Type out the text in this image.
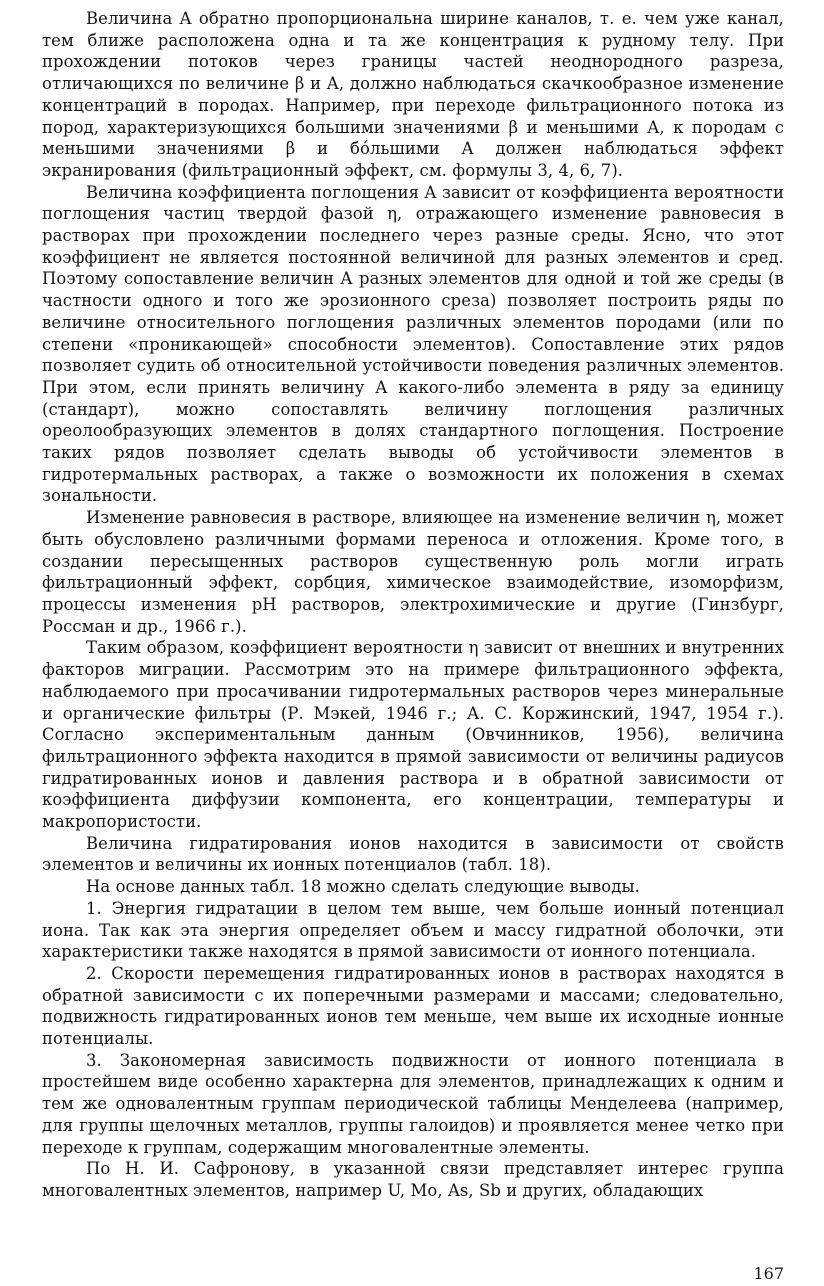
Величина A обратно пропорциональна ширине каналов, т. е. чем уже канал, тем ближе расположена одна и та же концентрация к рудному телу. При прохождении потоков через границы частей неоднородного разреза, отличающихся по величине β и A, должно наблюдаться скачкообразное изменение концентраций в породах. Например, при переходе фильтрационного потока из пород, характеризующихся большими значениями β и меньшими A, к породам с меньшими значениями β и бóльшими A должен наблюдаться эффект экранирования (фильтрационный эффект, см. формулы 3, 4, 6, 7).

Величина коэффициента поглощения A зависит от коэффициента вероятности поглощения частиц твердой фазой η, отражающего изменение равновесия в растворах при прохождении последнего через разные среды. Ясно, что этот коэффициент не является постоянной величиной для разных элементов и сред. Поэтому сопоставление величин A разных элементов для одной и той же среды (в частности одного и того же эрозионного среза) позволяет построить ряды по величине относительного поглощения различных элементов породами (или по степени «проникающей» способности элементов). Сопоставление этих рядов позволяет судить об относительной устойчивости поведения различных элементов. При этом, если принять величину A какого-либо элемента в ряду за единицу (стандарт), можно сопоставлять величину поглощения различных ореолообразующих элементов в долях стандартного поглощения. Построение таких рядов позволяет сделать выводы об устойчивости элементов в гидротермальных растворах, а также о возможности их положения в схемах зональности.

Изменение равновесия в растворе, влияющее на изменение величин η, может быть обусловлено различными формами переноса и отложения. Кроме того, в создании пересыщенных растворов существенную роль могли играть фильтрационный эффект, сорбция, химическое взаимодействие, изоморфизм, процессы изменения pH растворов, электрохимические и другие (Гинзбург, Россман и др., 1966 г.).

Таким образом, коэффициент вероятности η зависит от внешних и внутренних факторов миграции. Рассмотрим это на примере фильтрационного эффекта, наблюдаемого при просачивании гидротермальных растворов через минеральные и органические фильтры (Р. Мэкей, 1946 г.; А. С. Коржинский, 1947, 1954 г.). Согласно экспериментальным данным (Овчинников, 1956), величина фильтрационного эффекта находится в прямой зависимости от величины радиусов гидратированных ионов и давления раствора и в обратной зависимости от коэффициента диффузии компонента, его концентрации, температуры и макропористости.

Величина гидратирования ионов находится в зависимости от свойств элементов и величины их ионных потенциалов (табл. 18).

На основе данных табл. 18 можно сделать следующие выводы.

1. Энергия гидратации в целом тем выше, чем больше ионный потенциал иона. Так как эта энергия определяет объем и массу гидратной оболочки, эти характеристики также находятся в прямой зависимости от ионного потенциала.

2. Скорости перемещения гидратированных ионов в растворах находятся в обратной зависимости с их поперечными размерами и массами; следовательно, подвижность гидратированных ионов тем меньше, чем выше их исходные ионные потенциалы.

3. Закономерная зависимость подвижности от ионного потенциала в простейшем виде особенно характерна для элементов, принадлежащих к одним и тем же одновалентным группам периодической таблицы Менделеева (например, для группы щелочных металлов, группы галоидов) и проявляется менее четко при переходе к группам, содержащим многовалентные элементы.

По Н. И. Сафронову, в указанной связи представляет интерес группа многовалентных элементов, например U, Mo, As, Sb и других, обладающих

167
